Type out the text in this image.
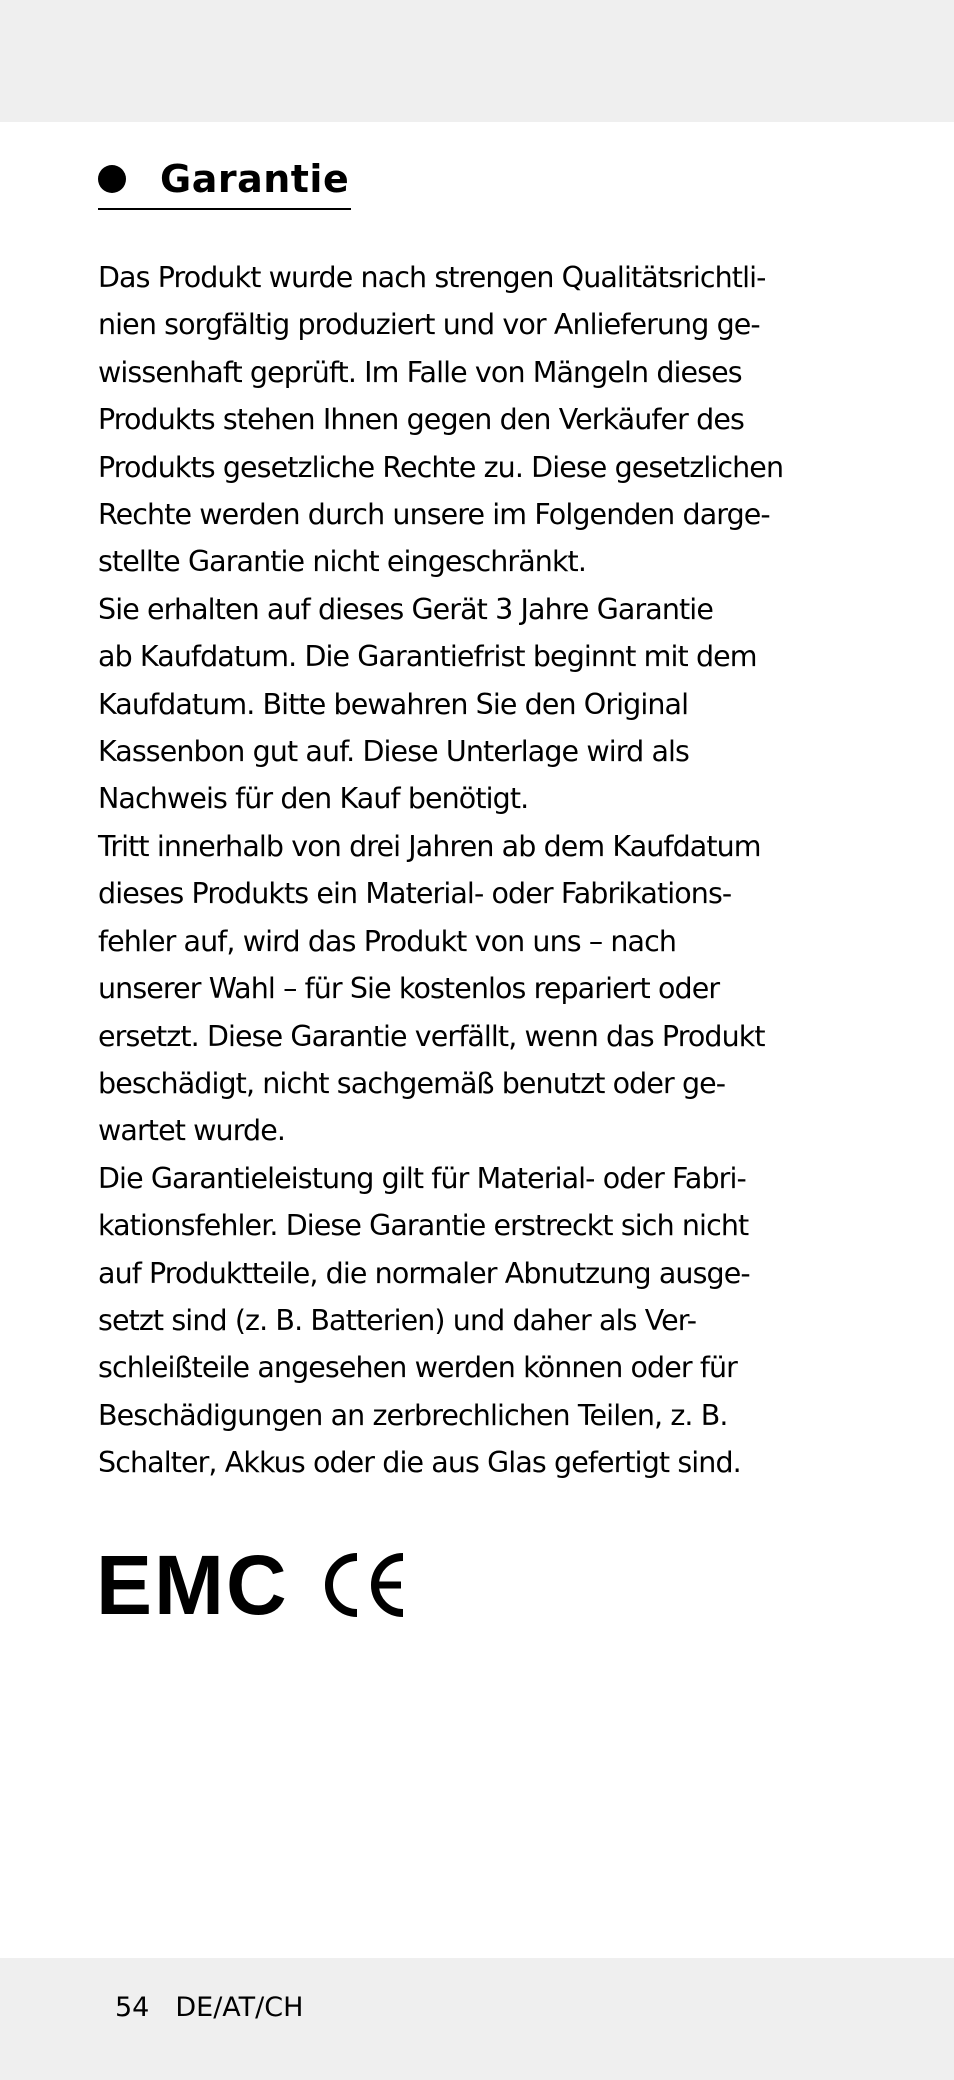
Garantie
Das Produkt wurde nach strengen Qualitätsrichtli-
nien sorgfältig produziert und vor Anlieferung ge-
wissenhaft geprüft. Im Falle von Mängeln dieses
Produkts stehen Ihnen gegen den Verkäufer des
Produkts gesetzliche Rechte zu. Diese gesetzlichen
Rechte werden durch unsere im Folgenden darge-
stellte Garantie nicht eingeschränkt.
Sie erhalten auf dieses Gerät 3 Jahre Garantie
ab Kaufdatum. Die Garantiefrist beginnt mit dem
Kaufdatum. Bitte bewahren Sie den Original
Kassenbon gut auf. Diese Unterlage wird als
Nachweis für den Kauf benötigt.
Tritt innerhalb von drei Jahren ab dem Kaufdatum
dieses Produkts ein Material- oder Fabrikations-
fehler auf, wird das Produkt von uns – nach
unserer Wahl – für Sie kostenlos repariert oder
ersetzt. Diese Garantie verfällt, wenn das Produkt
beschädigt, nicht sachgemäß benutzt oder ge-
wartet wurde.
Die Garantieleistung gilt für Material- oder Fabri-
kationsfehler. Diese Garantie erstreckt sich nicht
auf Produktteile, die normaler Abnutzung ausge-
setzt sind (z. B. Batterien) und daher als Ver-
schleißteile angesehen werden können oder für
Beschädigungen an zerbrechlichen Teilen, z. B.
Schalter, Akkus oder die aus Glas gefertigt sind.
EMC
54 DE/AT/CH
